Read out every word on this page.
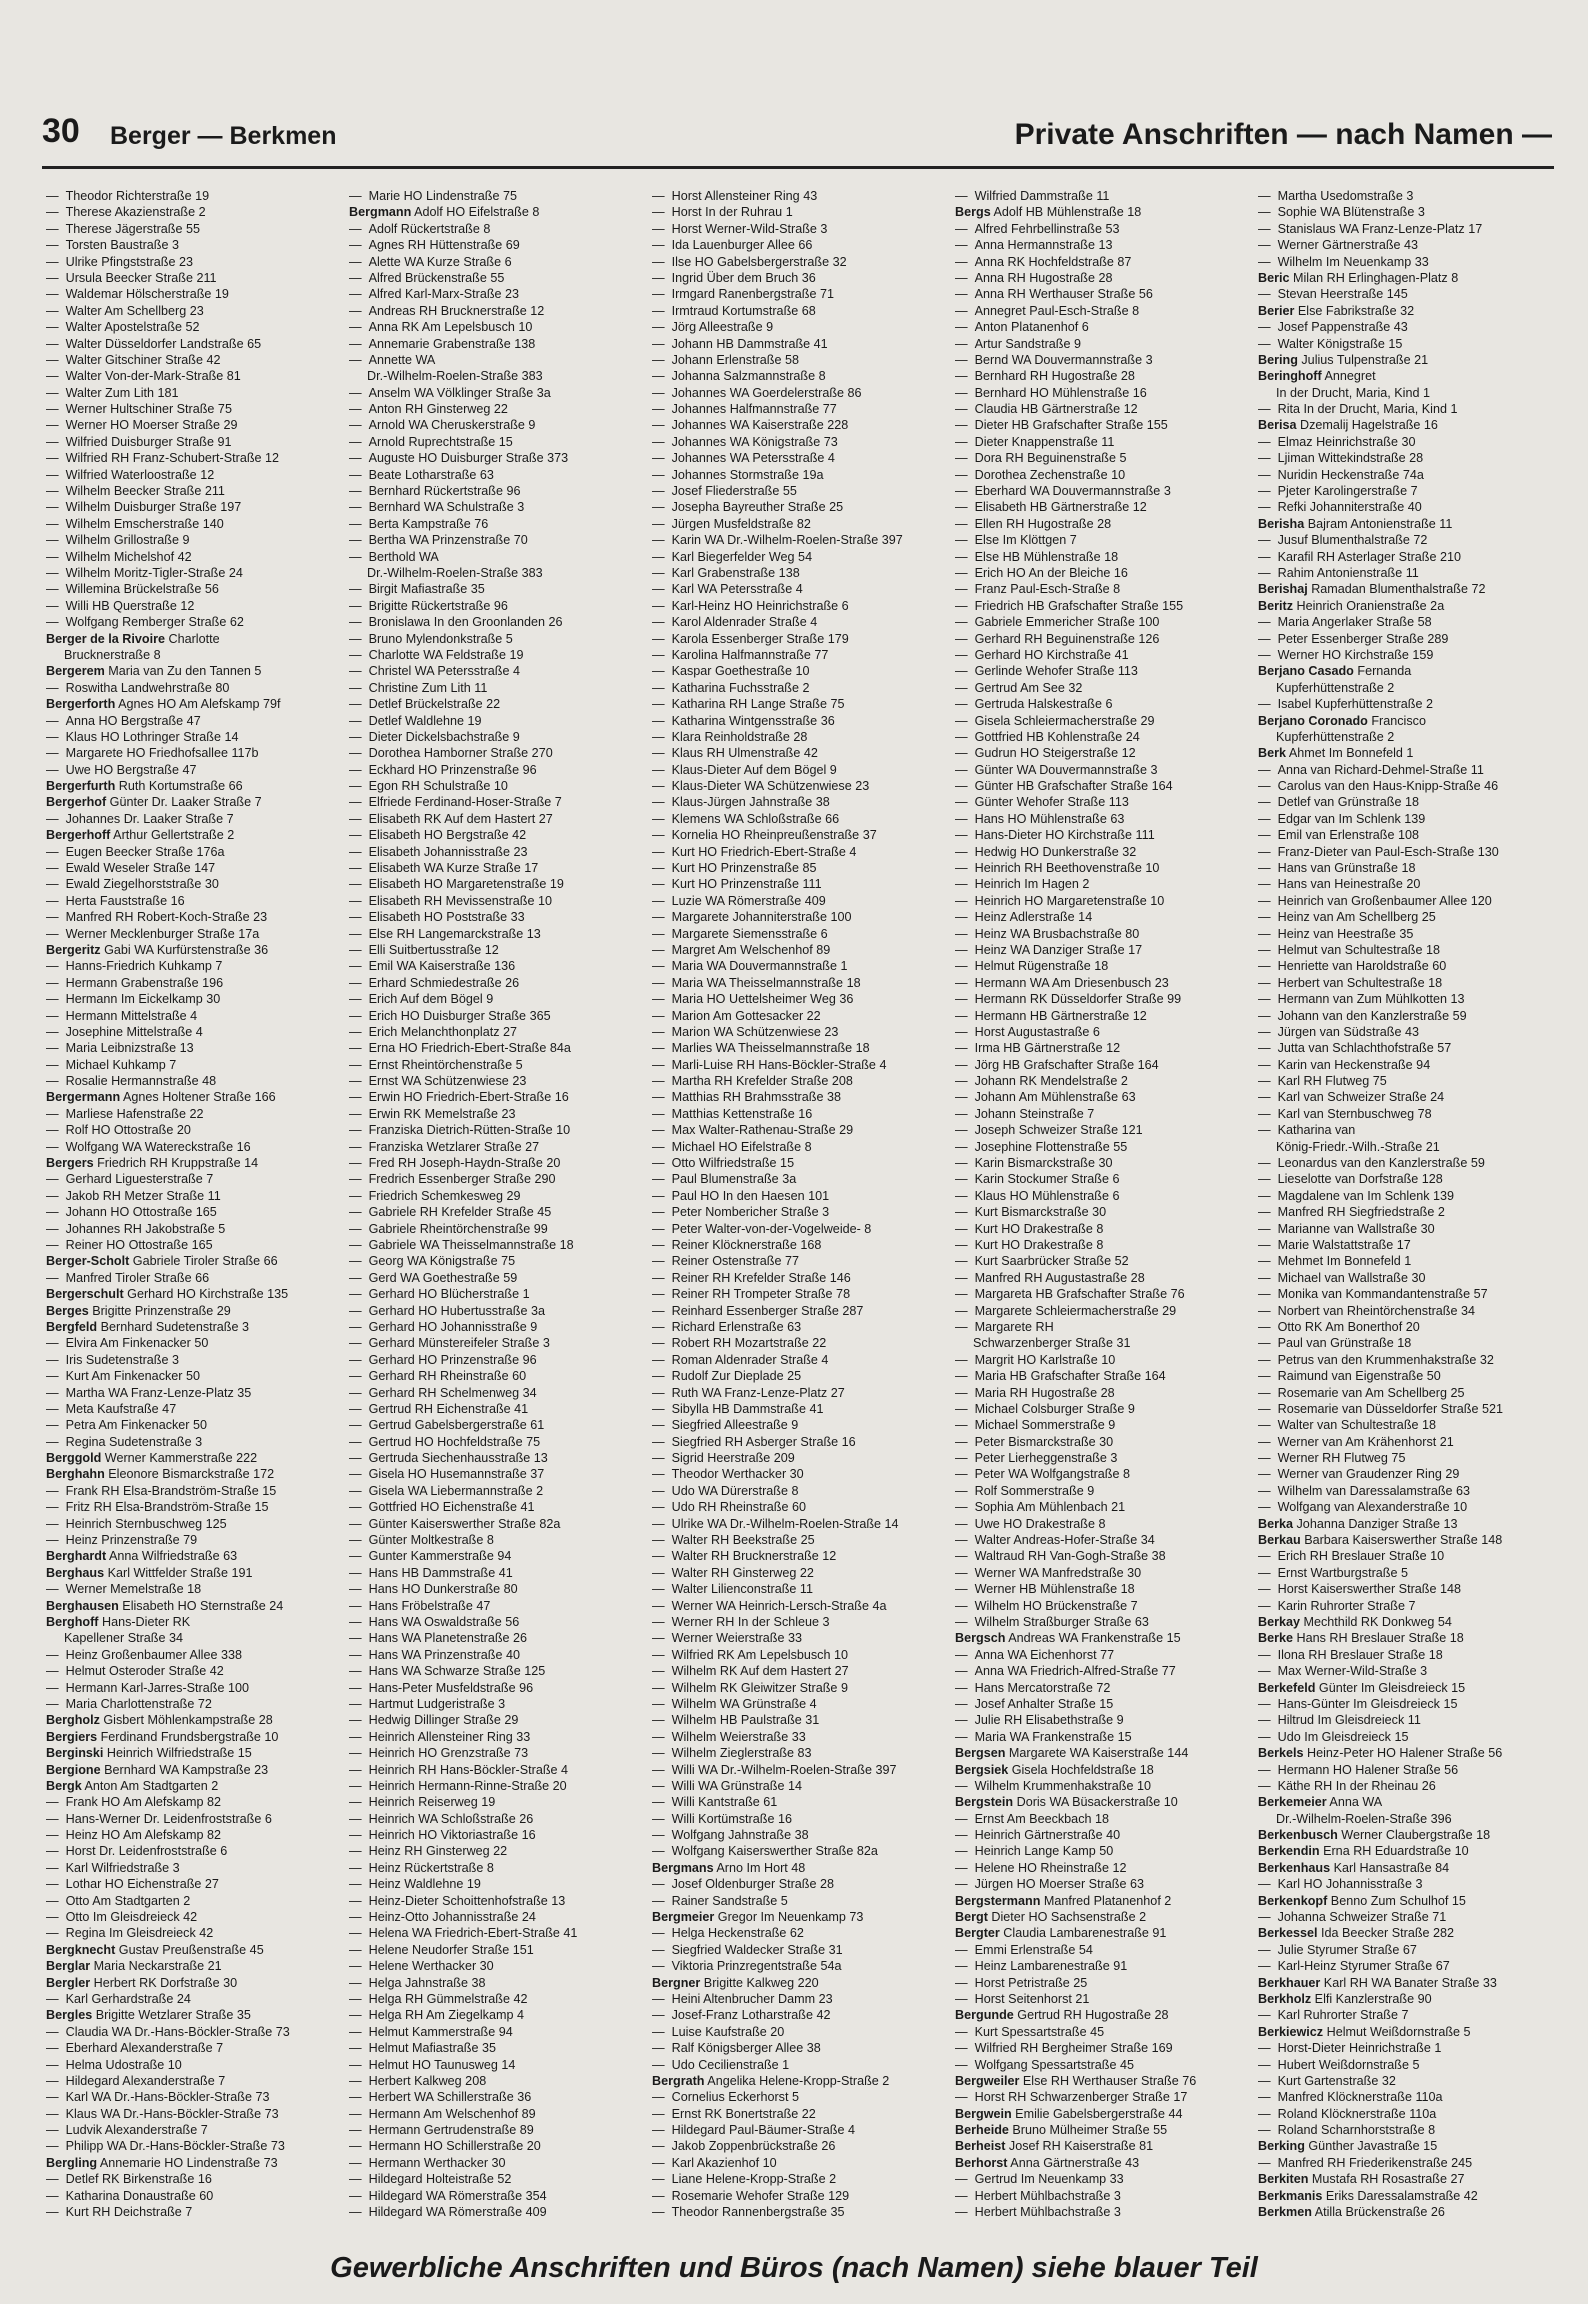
30 Berger — Berkmen	Private Anschriften — nach Namen —
—  Theodor Richterstraße 19
—  Therese Akazienstraße 2
—  Therese Jägerstraße 55
—  Torsten Baustraße 3
—  Ulrike Pfingststraße 23
—  Ursula Beecker Straße 211
—  Waldemar Hölscherstraße 19
—  Walter Am Schellberg 23
—  Walter Apostelstraße 52
—  Walter Düsseldorfer Landstraße 65
—  Walter Gitschiner Straße 42
—  Walter Von-der-Mark-Straße 81
—  Walter Zum Lith 181
—  Werner Hultschiner Straße 75
—  Werner HO Moerser Straße 29
—  Wilfried Duisburger Straße 91
—  Wilfried RH Franz-Schubert-Straße 12
—  Wilfried Waterloostraße 12
—  Wilhelm Beecker Straße 211
—  Wilhelm Duisburger Straße 197
—  Wilhelm Emscherstraße 140
—  Wilhelm Grillostraße 9
—  Wilhelm Michelshof 42
—  Wilhelm Moritz-Tigler-Straße 24
—  Willemina Brückelstraße 56
—  Willi HB Querstraße 12
—  Wolfgang Remberger Straße 62
Berger de la Rivoire Charlotte
Brucknerstraße 8
Bergerem Maria van Zu den Tannen 5
—  Roswitha Landwehrstraße 80
Bergerforth Agnes HO Am Alefskamp 79f
—  Anna HO Bergstraße 47
—  Klaus HO Lothringer Straße 14
—  Margarete HO Friedhofsallee 117b
—  Uwe HO Bergstraße 47
Bergerfurth Ruth Kortumstraße 66
Bergerhof Günter Dr. Laaker Straße 7
—  Johannes Dr. Laaker Straße 7
Bergerhoff Arthur Gellertstraße 2
—  Eugen Beecker Straße 176a
—  Ewald Weseler Straße 147
—  Ewald Ziegelhorststraße 30
—  Herta Fauststraße 16
—  Manfred RH Robert-Koch-Straße 23
—  Werner Mecklenburger Straße 17a
Bergeritz Gabi WA Kurfürstenstraße 36
—  Hanns-Friedrich Kuhkamp 7
—  Hermann Grabenstraße 196
—  Hermann Im Eickelkamp 30
—  Hermann Mittelstraße 4
—  Josephine Mittelstraße 4
—  Maria Leibnizstraße 13
—  Michael Kuhkamp 7
—  Rosalie Hermannstraße 48
Bergermann Agnes Holtener Straße 166
—  Marliese Hafenstraße 22
—  Rolf HO Ottostraße 20
—  Wolfgang WA Watereckstraße 16
Bergers Friedrich RH Kruppstraße 14
—  Gerhard Liguesterstraße 7
—  Jakob RH Metzer Straße 11
—  Johann HO Ottostraße 165
—  Johannes RH Jakobstraße 5
—  Reiner HO Ottostraße 165
Berger-Scholt Gabriele Tiroler Straße 66
—  Manfred Tiroler Straße 66
Bergerschult Gerhard HO Kirchstraße 135
Berges Brigitte Prinzenstraße 29
Bergfeld Bernhard Sudetenstraße 3
—  Elvira Am Finkenacker 50
—  Iris Sudetenstraße 3
—  Kurt Am Finkenacker 50
—  Martha WA Franz-Lenze-Platz 35
—  Meta Kaufstraße 47
—  Petra Am Finkenacker 50
—  Regina Sudetenstraße 3
Berggold Werner Kammerstraße 222
Berghahn Eleonore Bismarckstraße 172
—  Frank RH Elsa-Brandström-Straße 15
—  Fritz RH Elsa-Brandström-Straße 15
—  Heinrich Sternbuschweg 125
—  Heinz Prinzenstraße 79
Berghardt Anna Wilfriedstraße 63
Berghaus Karl Wittfelder Straße 191
—  Werner Memelstraße 18
Berghausen Elisabeth HO Sternstraße 24
Berghoff Hans-Dieter RK
Kapellener Straße 34
—  Heinz Großenbaumer Allee 338
—  Helmut Osteroder Straße 42
—  Hermann Karl-Jarres-Straße 100
—  Maria Charlottenstraße 72
Bergholz Gisbert Möhlenkampstraße 28
Bergiers Ferdinand Frundsbergstraße 10
Berginski Heinrich Wilfriedstraße 15
Bergione Bernhard WA Kampstraße 23
Bergk Anton Am Stadtgarten 2
—  Frank HO Am Alefskamp 82
—  Hans-Werner Dr. Leidenfroststraße 6
—  Heinz HO Am Alefskamp 82
—  Horst Dr. Leidenfroststraße 6
—  Karl Wilfriedstraße 3
—  Lothar HO Eichenstraße 27
—  Otto Am Stadtgarten 2
—  Otto Im Gleisdreieck 42
—  Regina Im Gleisdreieck 42
Bergknecht Gustav Preußenstraße 45
Berglar Maria Neckarstraße 21
Bergler Herbert RK Dorfstraße 30
—  Karl Gerhardstraße 24
Bergles Brigitte Wetzlarer Straße 35
—  Claudia WA Dr.-Hans-Böckler-Straße 73
—  Eberhard Alexanderstraße 7
—  Helma Udostraße 10
—  Hildegard Alexanderstraße 7
—  Karl WA Dr.-Hans-Böckler-Straße 73
—  Klaus WA Dr.-Hans-Böckler-Straße 73
—  Ludvik Alexanderstraße 7
—  Philipp WA Dr.-Hans-Böckler-Straße 73
Bergling Annemarie HO Lindenstraße 73
—  Detlef RK Birkenstraße 16
—  Katharina Donaustraße 60
—  Kurt RH Deichstraße 7
—  Marie HO Lindenstraße 75
Bergmann Adolf HO Eifelstraße 8
—  Adolf Rückertstraße 8
—  Agnes RH Hüttenstraße 69
—  Alette WA Kurze Straße 6
—  Alfred Brückenstraße 55
—  Alfred Karl-Marx-Straße 23
—  Andreas RH Brucknerstraße 12
—  Anna RK Am Lepelsbusch 10
—  Annemarie Grabenstraße 138
—  Annette WA
Dr.-Wilhelm-Roelen-Straße 383
—  Anselm WA Völklinger Straße 3a
—  Anton RH Ginsterweg 22
—  Arnold WA Cheruskerstraße 9
—  Arnold Ruprechtstraße 15
—  Auguste HO Duisburger Straße 373
—  Beate Lotharstraße 63
—  Bernhard Rückertstraße 96
—  Bernhard WA Schulstraße 3
—  Berta Kampstraße 76
—  Bertha WA Prinzenstraße 70
—  Berthold WA
Dr.-Wilhelm-Roelen-Straße 383
—  Birgit Mafiastraße 35
—  Brigitte Rückertstraße 96
—  Bronislawa In den Groonlanden 26
—  Bruno Mylendonkstraße 5
—  Charlotte WA Feldstraße 19
—  Christel WA Petersstraße 4
—  Christine Zum Lith 11
—  Detlef Brückelstraße 22
—  Detlef Waldlehne 19
—  Dieter Dickelsbachstraße 9
—  Dorothea Hamborner Straße 270
—  Eckhard HO Prinzenstraße 96
—  Egon RH Schulstraße 10
—  Elfriede Ferdinand-Hoser-Straße 7
—  Elisabeth RK Auf dem Hastert 27
—  Elisabeth HO Bergstraße 42
—  Elisabeth Johannisstraße 23
—  Elisabeth WA Kurze Straße 17
—  Elisabeth HO Margaretenstraße 19
—  Elisabeth RH Mevissenstraße 10
—  Elisabeth HO Poststraße 33
—  Else RH Langemarckstraße 13
—  Elli Suitbertusstraße 12
—  Emil WA Kaiserstraße 136
—  Erhard Schmiedestraße 26
—  Erich Auf dem Bögel 9
—  Erich HO Duisburger Straße 365
—  Erich Melanchthonplatz 27
—  Erna HO Friedrich-Ebert-Straße 84a
—  Ernst Rheintörchenstraße 5
—  Ernst WA Schützenwiese 23
—  Erwin HO Friedrich-Ebert-Straße 16
—  Erwin RK Memelstraße 23
—  Franziska Dietrich-Rütten-Straße 10
—  Franziska Wetzlarer Straße 27
—  Fred RH Joseph-Haydn-Straße 20
—  Fredrich Essenberger Straße 290
—  Friedrich Schemkesweg 29
—  Gabriele RH Krefelder Straße 45
—  Gabriele Rheintörchenstraße 99
—  Gabriele WA Theisselmannstraße 18
—  Georg WA Königstraße 75
—  Gerd WA Goethestraße 59
—  Gerhard HO Blücherstraße 1
—  Gerhard HO Hubertusstraße 3a
—  Gerhard HO Johannisstraße 9
—  Gerhard Münstereifeler Straße 3
—  Gerhard HO Prinzenstraße 96
—  Gerhard RH Rheinstraße 60
—  Gerhard RH Schelmenweg 34
—  Gertrud RH Eichenstraße 41
—  Gertrud Gabelsbergerstraße 61
—  Gertrud HO Hochfeldstraße 75
—  Gertruda Siechenhausstraße 13
—  Gisela HO Husemannstraße 37
—  Gisela WA Liebermannstraße 2
—  Gottfried HO Eichenstraße 41
—  Günter Kaiserswerther Straße 82a
—  Günter Moltkestraße 8
—  Gunter Kammerstraße 94
—  Hans HB Dammstraße 41
—  Hans HO Dunkerstraße 80
—  Hans Fröbelstraße 47
—  Hans WA Oswaldstraße 56
—  Hans WA Planetenstraße 26
—  Hans WA Prinzenstraße 40
—  Hans WA Schwarze Straße 125
—  Hans-Peter Musfeldstraße 96
—  Hartmut Ludgeristraße 3
—  Hedwig Dillinger Straße 29
—  Heinrich Allensteiner Ring 33
—  Heinrich HO Grenzstraße 73
—  Heinrich RH Hans-Böckler-Straße 4
—  Heinrich Hermann-Rinne-Straße 20
—  Heinrich Reiserweg 19
—  Heinrich WA Schloßstraße 26
—  Heinrich HO Viktoriastraße 16
—  Heinz RH Ginsterweg 22
—  Heinz Rückertstraße 8
—  Heinz Waldlehne 19
—  Heinz-Dieter Schoittenhofstraße 13
—  Heinz-Otto Johannisstraße 24
—  Helena WA Friedrich-Ebert-Straße 41
—  Helene Neudorfer Straße 151
—  Helene Werthacker 30
—  Helga Jahnstraße 38
—  Helga RH Gümmelstraße 42
—  Helga RH Am Ziegelkamp 4
—  Helmut Kammerstraße 94
—  Helmut Mafiastraße 35
—  Helmut HO Taunusweg 14
—  Herbert Kalkweg 208
—  Herbert WA Schillerstraße 36
—  Hermann Am Welschenhof 89
—  Hermann Gertrudenstraße 89
—  Hermann HO Schillerstraße 20
—  Hermann Werthacker 30
—  Hildegard Holteistraße 52
—  Hildegard WA Römerstraße 354
—  Hildegard WA Römerstraße 409
—  Horst Allensteiner Ring 43
—  Horst In der Ruhrau 1
—  Horst Werner-Wild-Straße 3
—  Ida Lauenburger Allee 66
—  Ilse HO Gabelsbergerstraße 32
—  Ingrid Über dem Bruch 36
—  Irmgard Ranenbergstraße 71
—  Irmtraud Kortumstraße 68
—  Jörg Alleestraße 9
—  Johann HB Dammstraße 41
—  Johann Erlenstraße 58
—  Johanna Salzmannstraße 8
—  Johannes WA Goerdelerstraße 86
—  Johannes Halfmannstraße 77
—  Johannes WA Kaiserstraße 228
—  Johannes WA Königstraße 73
—  Johannes WA Petersstraße 4
—  Johannes Stormstraße 19a
—  Josef Fliederstraße 55
—  Josepha Bayreuther Straße 25
—  Jürgen Musfeldstraße 82
—  Karin WA Dr.-Wilhelm-Roelen-Straße 397
—  Karl Biegerfelder Weg 54
—  Karl Grabenstraße 138
—  Karl WA Petersstraße 4
—  Karl-Heinz HO Heinrichstraße 6
—  Karol Aldenrader Straße 4
—  Karola Essenberger Straße 179
—  Karolina Halfmannstraße 77
—  Kaspar Goethestraße 10
—  Katharina Fuchsstraße 2
—  Katharina RH Lange Straße 75
—  Katharina Wintgensstraße 36
—  Klara Reinholdstraße 28
—  Klaus RH Ulmenstraße 42
—  Klaus-Dieter Auf dem Bögel 9
—  Klaus-Dieter WA Schützenwiese 23
—  Klaus-Jürgen Jahnstraße 38
—  Klemens WA Schloßstraße 66
—  Kornelia HO Rheinpreußenstraße 37
—  Kurt HO Friedrich-Ebert-Straße 4
—  Kurt HO Prinzenstraße 85
—  Kurt HO Prinzenstraße 111
—  Luzie WA Römerstraße 409
—  Margarete Johanniterstraße 100
—  Margarete Siemensstraße 6
—  Margret Am Welschenhof 89
—  Maria WA Douvermannstraße 1
—  Maria WA Theisselmannstraße 18
—  Maria HO Uettelsheimer Weg 36
—  Marion Am Gottesacker 22
—  Marion WA Schützenwiese 23
—  Marlies WA Theisselmannstraße 18
—  Marli-Luise RH Hans-Böckler-Straße 4
—  Martha RH Krefelder Straße 208
—  Matthias RH Brahmsstraße 38
—  Matthias Kettenstraße 16
—  Max Walter-Rathenau-Straße 29
—  Michael HO Eifelstraße 8
—  Otto Wilfriedstraße 15
—  Paul Blumenstraße 3a
—  Paul HO In den Haesen 101
—  Peter Nombericher Straße 3
—  Peter Walter-von-der-Vogelweide- 8
—  Reiner Klöcknerstraße 168
—  Reiner Ostenstraße 77
—  Reiner RH Krefelder Straße 146
—  Reiner RH Trompeter Straße 78
—  Reinhard Essenberger Straße 287
—  Richard Erlenstraße 63
—  Robert RH Mozartstraße 22
—  Roman Aldenrader Straße 4
—  Rudolf Zur Dieplade 25
—  Ruth WA Franz-Lenze-Platz 27
—  Sibylla HB Dammstraße 41
—  Siegfried Alleestraße 9
—  Siegfried RH Asberger Straße 16
—  Sigrid Heerstraße 209
—  Theodor Werthacker 30
—  Udo WA Dürerstraße 8
—  Udo RH Rheinstraße 60
—  Ulrike WA Dr.-Wilhelm-Roelen-Straße 14
—  Walter RH Beekstraße 25
—  Walter RH Brucknerstraße 12
—  Walter RH Ginsterweg 22
—  Walter Lilienconstraße 11
—  Werner WA Heinrich-Lersch-Straße 4a
—  Werner RH In der Schleue 3
—  Werner Weierstraße 33
—  Wilfried RK Am Lepelsbusch 10
—  Wilhelm RK Auf dem Hastert 27
—  Wilhelm RK Gleiwitzer Straße 9
—  Wilhelm WA Grünstraße 4
—  Wilhelm HB Paulstraße 31
—  Wilhelm Weierstraße 33
—  Wilhelm Zieglerstraße 83
—  Willi WA Dr.-Wilhelm-Roelen-Straße 397
—  Willi WA Grünstraße 14
—  Willi Kantstraße 61
—  Willi Kortümstraße 16
—  Wolfgang Jahnstraße 38
—  Wolfgang Kaiserswerther Straße 82a
Bergmans Arno Im Hort 48
—  Josef Oldenburger Straße 28
—  Rainer Sandstraße 5
Bergmeier Gregor Im Neuenkamp 73
—  Helga Heckenstraße 62
—  Siegfried Waldecker Straße 31
—  Viktoria Prinzregentstraße 54a
Bergner Brigitte Kalkweg 220
—  Heini Altenbrucher Damm 23
—  Josef-Franz Lotharstraße 42
—  Luise Kaufstraße 20
—  Ralf Königsberger Allee 38
—  Udo Cecilienstraße 1
Bergrath Angelika Helene-Kropp-Straße 2
—  Cornelius Eckerhorst 5
—  Ernst RK Bonertstraße 22
—  Hildegard Paul-Bäumer-Straße 4
—  Jakob Zoppenbrückstraße 26
—  Karl Akazienhof 10
—  Liane Helene-Kropp-Straße 2
—  Rosemarie Wehofer Straße 129
—  Theodor Rannenbergstraße 35
—  Wilfried Dammstraße 11
Bergs Adolf HB Mühlenstraße 18
—  Alfred Fehrbellinstraße 53
—  Anna Hermannstraße 13
—  Anna RK Hochfeldstraße 87
—  Anna RH Hugostraße 28
—  Anna RH Werthauser Straße 56
—  Annegret Paul-Esch-Straße 8
—  Anton Platanenhof 6
—  Artur Sandstraße 9
—  Bernd WA Douvermannstraße 3
—  Bernhard RH Hugostraße 28
—  Bernhard HO Mühlenstraße 16
—  Claudia HB Gärtnerstraße 12
—  Dieter HB Grafschafter Straße 155
—  Dieter Knappenstraße 11
—  Dora RH Beguinenstraße 5
—  Dorothea Zechenstraße 10
—  Eberhard WA Douvermannstraße 3
—  Elisabeth HB Gärtnerstraße 12
—  Ellen RH Hugostraße 28
—  Else Im Klöttgen 7
—  Else HB Mühlenstraße 18
—  Erich HO An der Bleiche 16
—  Franz Paul-Esch-Straße 8
—  Friedrich HB Grafschafter Straße 155
—  Gabriele Emmericher Straße 100
—  Gerhard RH Beguinenstraße 126
—  Gerhard HO Kirchstraße 41
—  Gerlinde Wehofer Straße 113
—  Gertrud Am See 32
—  Gertruda Halskestraße 6
—  Gisela Schleiermacherstraße 29
—  Gottfried HB Kohlenstraße 24
—  Gudrun HO Steigerstraße 12
—  Günter WA Douvermannstraße 3
—  Günter HB Grafschafter Straße 164
—  Günter Wehofer Straße 113
—  Hans HO Mühlenstraße 63
—  Hans-Dieter HO Kirchstraße 111
—  Hedwig HO Dunkerstraße 32
—  Heinrich RH Beethovenstraße 10
—  Heinrich Im Hagen 2
—  Heinrich HO Margaretenstraße 10
—  Heinz Adlerstraße 14
—  Heinz WA Brusbachstraße 80
—  Heinz WA Danziger Straße 17
—  Helmut Rügenstraße 18
—  Hermann WA Am Driesenbusch 23
—  Hermann RK Düsseldorfer Straße 99
—  Hermann HB Gärtnerstraße 12
—  Horst Augustastraße 6
—  Irma HB Gärtnerstraße 12
—  Jörg HB Grafschafter Straße 164
—  Johann RK Mendelstraße 2
—  Johann Am Mühlenstraße 63
—  Johann Steinstraße 7
—  Joseph Schweizer Straße 121
—  Josephine Flottenstraße 55
—  Karin Bismarckstraße 30
—  Karin Stockumer Straße 6
—  Klaus HO Mühlenstraße 6
—  Kurt Bismarckstraße 30
—  Kurt HO Drakestraße 8
—  Kurt HO Drakestraße 8
—  Kurt Saarbrücker Straße 52
—  Manfred RH Augustastraße 28
—  Margareta HB Grafschafter Straße 76
—  Margarete Schleiermacherstraße 29
—  Margarete RH
Schwarzenberger Straße 31
—  Margrit HO Karlstraße 10
—  Maria HB Grafschafter Straße 164
—  Maria RH Hugostraße 28
—  Michael Colsburger Straße 9
—  Michael Sommerstraße 9
—  Peter Bismarckstraße 30
—  Peter Lierheggenstraße 3
—  Peter WA Wolfgangstraße 8
—  Rolf Sommerstraße 9
—  Sophia Am Mühlenbach 21
—  Uwe HO Drakestraße 8
—  Walter Andreas-Hofer-Straße 34
—  Waltraud RH Van-Gogh-Straße 38
—  Werner WA Manfredstraße 30
—  Werner HB Mühlenstraße 18
—  Wilhelm HO Brückenstraße 7
—  Wilhelm Straßburger Straße 63
Bergsch Andreas WA Frankenstraße 15
—  Anna WA Eichenhorst 77
—  Anna WA Friedrich-Alfred-Straße 77
—  Hans Mercatorstraße 72
—  Josef Anhalter Straße 15
—  Julie RH Elisabethstraße 9
—  Maria WA Frankenstraße 15
Bergsen Margarete WA Kaiserstraße 144
Bergsiek Gisela Hochfeldstraße 18
—  Wilhelm Krummenhakstraße 10
Bergstein Doris WA Büsackerstraße 10
—  Ernst Am Beeckbach 18
—  Heinrich Gärtnerstraße 40
—  Heinrich Lange Kamp 50
—  Helene HO Rheinstraße 12
—  Jürgen HO Moerser Straße 63
Bergstermann Manfred Platanenhof 2
Bergt Dieter HO Sachsenstraße 2
Bergter Claudia Lambarenestraße 91
—  Emmi Erlenstraße 54
—  Heinz Lambarenestraße 91
—  Horst Petristraße 25
—  Horst Seitenhorst 21
Bergunde Gertrud RH Hugostraße 28
—  Kurt Spessartstraße 45
—  Wilfried RH Bergheimer Straße 169
—  Wolfgang Spessartstraße 45
Bergweiler Else RH Werthauser Straße 76
—  Horst RH Schwarzenberger Straße 17
Bergwein Emilie Gabelsbergerstraße 44
Berheide Bruno Mülheimer Straße 55
Berheist Josef RH Kaiserstraße 81
Berhorst Anna Gärtnerstraße 43
—  Gertrud Im Neuenkamp 33
—  Herbert Mühlbachstraße 3
—  Herbert Mühlbachstraße 3
—  Martha Usedomstraße 3
—  Sophie WA Blütenstraße 3
—  Stanislaus WA Franz-Lenze-Platz 17
—  Werner Gärtnerstraße 43
—  Wilhelm Im Neuenkamp 33
Beric Milan RH Erlinghagen-Platz 8
—  Stevan Heerstraße 145
Berier Else Fabrikstraße 32
—  Josef Pappenstraße 43
—  Walter Königstraße 15
Bering Julius Tulpenstraße 21
Beringhoff Annegret
In der Drucht, Maria, Kind 1
—  Rita In der Drucht, Maria, Kind 1
Berisa Dzemalij Hagelstraße 16
—  Elmaz Heinrichstraße 30
—  Ljiman Wittekindstraße 28
—  Nuridin Heckenstraße 74a
—  Pjeter Karolingerstraße 7
—  Refki Johanniterstraße 40
Berisha Bajram Antonienstraße 11
—  Jusuf Blumenthalstraße 72
—  Karafil RH Asterlager Straße 210
—  Rahim Antonienstraße 11
Berishaj Ramadan Blumenthalstraße 72
Beritz Heinrich Oranienstraße 2a
—  Maria Angerlaker Straße 58
—  Peter Essenberger Straße 289
—  Werner HO Kirchstraße 159
Berjano Casado Fernanda
Kupferhüttenstraße 2
—  Isabel Kupferhüttenstraße 2
Berjano Coronado Francisco
Kupferhüttenstraße 2
Berk Ahmet Im Bonnefeld 1
—  Anna van Richard-Dehmel-Straße 11
—  Carolus van den Haus-Knipp-Straße 46
—  Detlef van Grünstraße 18
—  Edgar van Im Schlenk 139
—  Emil van Erlenstraße 108
—  Franz-Dieter van Paul-Esch-Straße 130
—  Hans van Grünstraße 18
—  Hans van Heinestraße 20
—  Heinrich van Großenbaumer Allee 120
—  Heinz van Am Schellberg 25
—  Heinz van Heestraße 35
—  Helmut van Schultestraße 18
—  Henriette van Haroldstraße 60
—  Herbert van Schultestraße 18
—  Hermann van Zum Mühlkotten 13
—  Johann van den Kanzlerstraße 59
—  Jürgen van Südstraße 43
—  Jutta van Schlachthofstraße 57
—  Karin van Heckenstraße 94
—  Karl RH Flutweg 75
—  Karl van Schweizer Straße 24
—  Karl van Sternbuschweg 78
—  Katharina van
König-Friedr.-Wilh.-Straße 21
—  Leonardus van den Kanzlerstraße 59
—  Lieselotte van Dorfstraße 128
—  Magdalene van Im Schlenk 139
—  Manfred RH Siegfriedstraße 2
—  Marianne van Wallstraße 30
—  Marie Walstattstraße 17
—  Mehmet Im Bonnefeld 1
—  Michael van Wallstraße 30
—  Monika van Kommandantenstraße 57
—  Norbert van Rheintörchenstraße 34
—  Otto RK Am Bonerthof 20
—  Paul van Grünstraße 18
—  Petrus van den Krummenhakstraße 32
—  Raimund van Eigenstraße 50
—  Rosemarie van Am Schellberg 25
—  Rosemarie van Düsseldorfer Straße 521
—  Walter van Schultestraße 18
—  Werner van Am Krähenhorst 21
—  Werner RH Flutweg 75
—  Werner van Graudenzer Ring 29
—  Wilhelm van Daressalamstraße 63
—  Wolfgang van Alexanderstraße 10
Berka Johanna Danziger Straße 13
Berkau Barbara Kaiserswerther Straße 148
—  Erich RH Breslauer Straße 10
—  Ernst Wartburgstraße 5
—  Horst Kaiserswerther Straße 148
—  Karin Ruhrorter Straße 7
Berkay Mechthild RK Donkweg 54
Berke Hans RH Breslauer Straße 18
—  Ilona RH Breslauer Straße 18
—  Max Werner-Wild-Straße 3
Berkefeld Günter Im Gleisdreieck 15
—  Hans-Günter Im Gleisdreieck 15
—  Hiltrud Im Gleisdreieck 11
—  Udo Im Gleisdreieck 15
Berkels Heinz-Peter HO Halener Straße 56
—  Hermann HO Halener Straße 56
—  Käthe RH In der Rheinau 26
Berkemeier Anna WA
Dr.-Wilhelm-Roelen-Straße 396
Berkenbusch Werner Claubergstraße 18
Berkendin Erna RH Eduardstraße 10
Berkenhaus Karl Hansastraße 84
—  Karl HO Johannisstraße 3
Berkenkopf Benno Zum Schulhof 15
—  Johanna Schweizer Straße 71
Berkessel Ida Beecker Straße 282
—  Julie Styrumer Straße 67
—  Karl-Heinz Styrumer Straße 67
Berkhauer Karl RH WA Banater Straße 33
Berkholz Elfi Kanzlerstraße 90
—  Karl Ruhrorter Straße 7
Berkiewicz Helmut Weißdornstraße 5
—  Horst-Dieter Heinrichstraße 1
—  Hubert Weißdornstraße 5
—  Kurt Gartenstraße 32
—  Manfred Klöcknerstraße 110a
—  Roland Klöcknerstraße 110a
—  Roland Scharnhorststraße 8
Berking Günther Javastraße 15
—  Manfred RH Friederikenstraße 245
Berkiten Mustafa RH Rosastraße 27
Berkmanis Eriks Daressalamstraße 42
Berkmen Atilla Brückenstraße 26
Gewerbliche Anschriften und Büros (nach Namen) siehe blauer Teil
